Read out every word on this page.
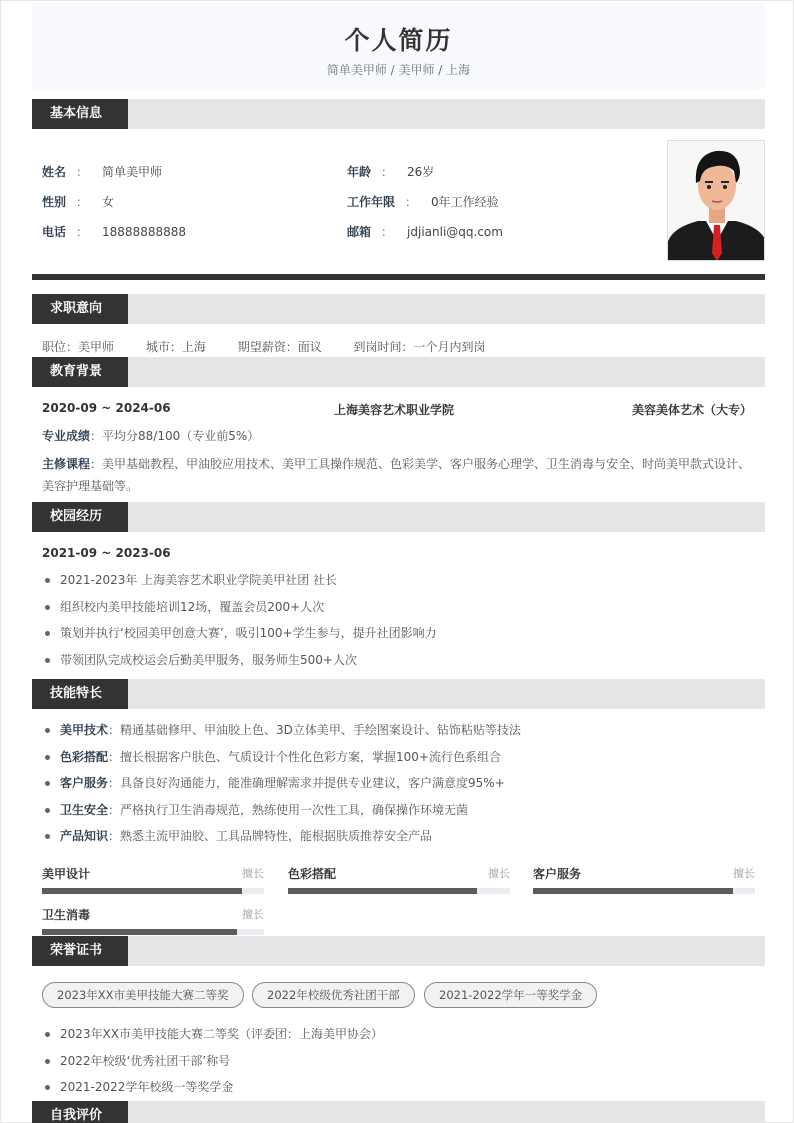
个人简历
简单美甲师 / 美甲师 / 上海
基本信息
姓名 ： 简单美甲师
性别 ： 女
电话 ： 18888888888
年龄 ： 26岁
工作年限 ： 0年工作经验
邮箱 ： jdjianli@qq.com
求职意向
职位：美甲师	城市：上海	期望薪资：面议	到岗时间：一个月内到岗
教育背景
2020-09 ~ 2024-06	上海美容艺术职业学院	美容美体艺术（大专）
专业成绩：平均分88/100（专业前5%）
主修课程：美甲基础教程、甲油胶应用技术、美甲工具操作规范、色彩美学、客户服务心理学、卫生消毒与安全、时尚美甲款式设计、美容护理基础等。
校园经历
2021-09 ~ 2023-06
2021-2023年 上海美容艺术职业学院美甲社团 社长
组织校内美甲技能培训12场，覆盖会员200+人次
策划并执行‘校园美甲创意大赛’，吸引100+学生参与，提升社团影响力
带领团队完成校运会后勤美甲服务，服务师生500+人次
技能特长
美甲技术：精通基础修甲、甲油胶上色、3D立体美甲、手绘图案设计、钻饰粘贴等技法
色彩搭配：擅长根据客户肤色、气质设计个性化色彩方案，掌握100+流行色系组合
客户服务：具备良好沟通能力，能准确理解需求并提供专业建议，客户满意度95%+
卫生安全：严格执行卫生消毒规范，熟练使用一次性工具，确保操作环境无菌
产品知识：熟悉主流甲油胶、工具品牌特性，能根据肤质推荐安全产品
美甲设计	擅长 色彩搭配	擅长 客户服务	擅长
卫生消毒	擅长
荣誉证书
2023年XX市美甲技能大赛二等奖	2022年校级优秀社团干部	2021-2022学年一等奖学金
2023年XX市美甲技能大赛二等奖（评委团：上海美甲协会）
2022年校级‘优秀社团干部’称号
2021-2022学年校级一等奖学金
自我评价
